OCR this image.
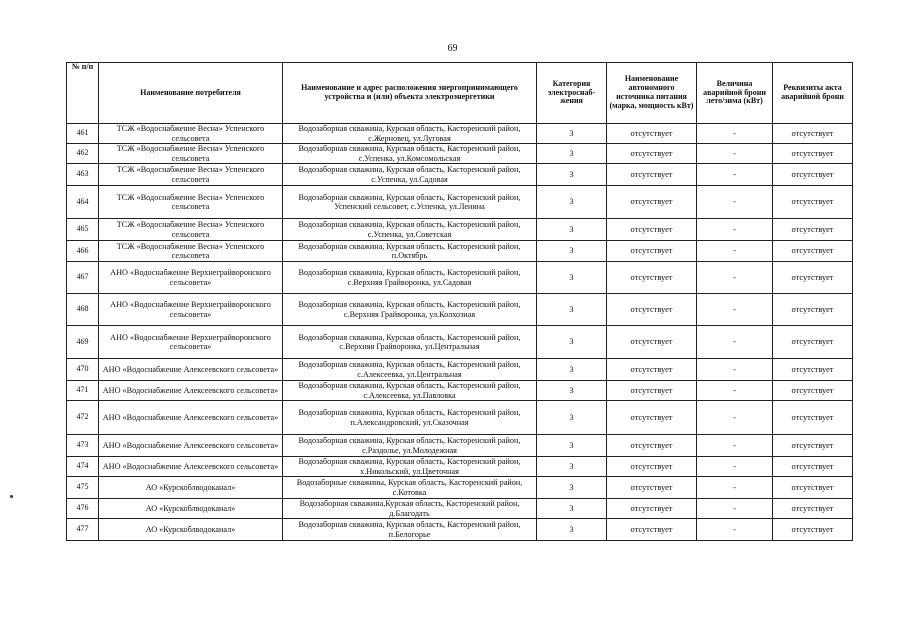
69
№ п/п	Наименование потребителя	Наименование и адрес расположения энергопринимающего устройства и (или) объекта электроэнергетики	Категория электроснаб-жения	Наименование автономного источника питания (марка, мощность кВт)	Величина аварийной брони лето/зима (кВт)	Реквизиты акта аварийной брони
461	ТСЖ «Водоснабжение Весна» Успенского сельсовета	Водозаборная скважина, Курская область, Касторенский район, с.Жерновец, ул.Луговая	3	отсутствует	-	отсутствует
462	ТСЖ «Водоснабжение Весна» Успенского сельсовета	Водозаборная скважина, Курская область, Касторенский район, с.Успенка, ул.Комсомольская	3	отсутствует	-	отсутствует
463	ТСЖ «Водоснабжение Весна» Успенского сельсовета	Водозаборная скважина, Курская область, Касторенский район, с.Успенка, ул.Садовая	3	отсутствует	-	отсутствует
464	ТСЖ «Водоснабжение Весна» Успенского сельсовета	Водозаборная скважина, Курская область, Касторенский район, Успенский сельсовет, с.Успенка, ул.Ленина	3	отсутствует	-	отсутствует
465	ТСЖ «Водоснабжение Весна» Успенского сельсовета	Водозаборная скважина, Курская область, Касторенский район, с.Успенка, ул.Советская	3	отсутствует	-	отсутствует
466	ТСЖ «Водоснабжение Весна» Успенского сельсовета	Водозаборная скважина, Курская область, Касторенский район, п.Октябрь	3	отсутствует	-	отсутствует
467	АНО «Водоснабжение Верхнеграйворонского сельсовета»	Водозаборная скважина, Курская область, Касторенский район, с.Верхняя Грайворонка, ул.Садовая	3	отсутствует	-	отсутствует
468	АНО «Водоснабжение Верхнеграйворонского сельсовета»	Водозаборная скважина, Курская область, Касторенский район, с.Верхняя Грайворонка, ул.Колхозная	3	отсутствует	-	отсутствует
469	АНО «Водоснабжение Верхнеграйворонского сельсовета»	Водозаборная скважина, Курская область, Касторенский район, с.Верхняя Грайворонка, ул.Центральная	3	отсутствует	-	отсутствует
470	АНО «Водоснабжение Алексеевского сельсовета»	Водозаборная скважина, Курская область, Касторенский район, с.Алексеевка, ул.Центральная	3	отсутствует	-	отсутствует
471	АНО «Водоснабжение Алексеевского сельсовета»	Водозаборная скважина, Курская область, Касторенский район, с.Алексеевка, ул.Павловка	3	отсутствует	-	отсутствует
472	АНО «Водоснабжение Алексеевского сельсовета»	Водозаборная скважина, Курская область, Касторенский район, п.Александровский, ул.Сказочная	3	отсутствует	-	отсутствует
473	АНО «Водоснабжение Алексеевского сельсовета»	Водозаборная скважина, Курская область, Касторенский район, с.Раздолье, ул.Молодежная	3	отсутствует	-	отсутствует
474	АНО «Водоснабжение Алексеевского сельсовета»	Водозаборная скважина, Курская область, Касторенский район, х.Никольский, ул.Цветочная	3	отсутствует	-	отсутствует
475	АО «Курскоблводоканал»	Водозаборные скважины, Курская область, Касторенский район, с.Котовка	3	отсутствует	-	отсутствует
476	АО «Курскоблводоканал»	Водозаборная скважина,Курская область, Касторенский район, д.Благодать	3	отсутствует	-	отсутствует
477	АО «Курскоблводоканал»	Водозаборная скважина, Курская область, Касторенский район, п.Белогорье	3	отсутствует	-	отсутствует
